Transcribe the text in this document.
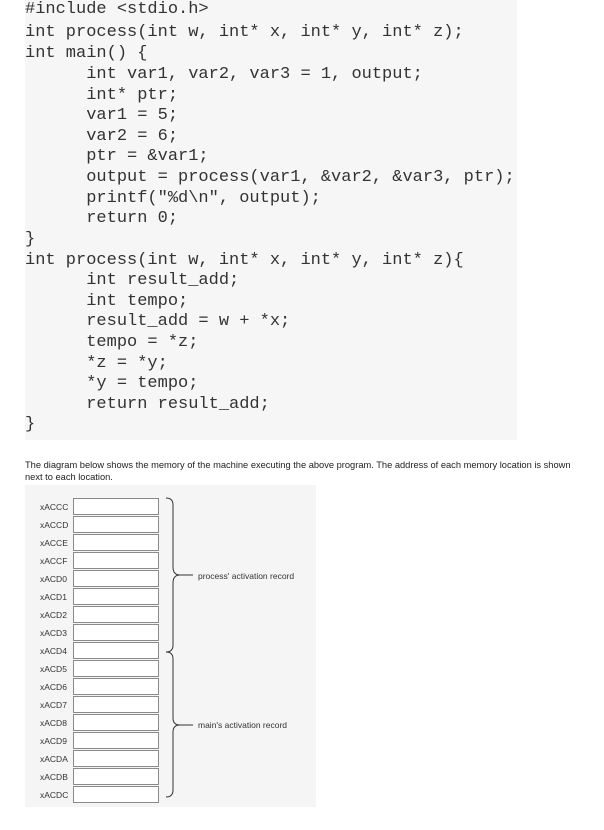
#include <stdio.h>
int process(int w, int* x, int* y, int* z);
int main() {
int var1, var2, var3 = 1, output;
int* ptr;
var1 = 5;
var2 = 6;
ptr = &var1;
output = process(var1, &var2, &var3, ptr);
printf("%d\n", output);
return 0;
}
int process(int w, int* x, int* y, int* z){
int result_add;
int tempo;
result_add = w + *x;
tempo = *z;
*z = *y;
*y = tempo;
return result_add;
}
The diagram below shows the memory of the machine executing the above program. The address of each memory location is shown next to each location.
xACCC
xACCD
xACCE
xACCF
xACD0
xACD1
xACD2
xACD3
xACD4
xACD5
xACD6
xACD7
xACD8
xACD9
xACDA
xACDB
xACDC
process' activation record
main's activation record
